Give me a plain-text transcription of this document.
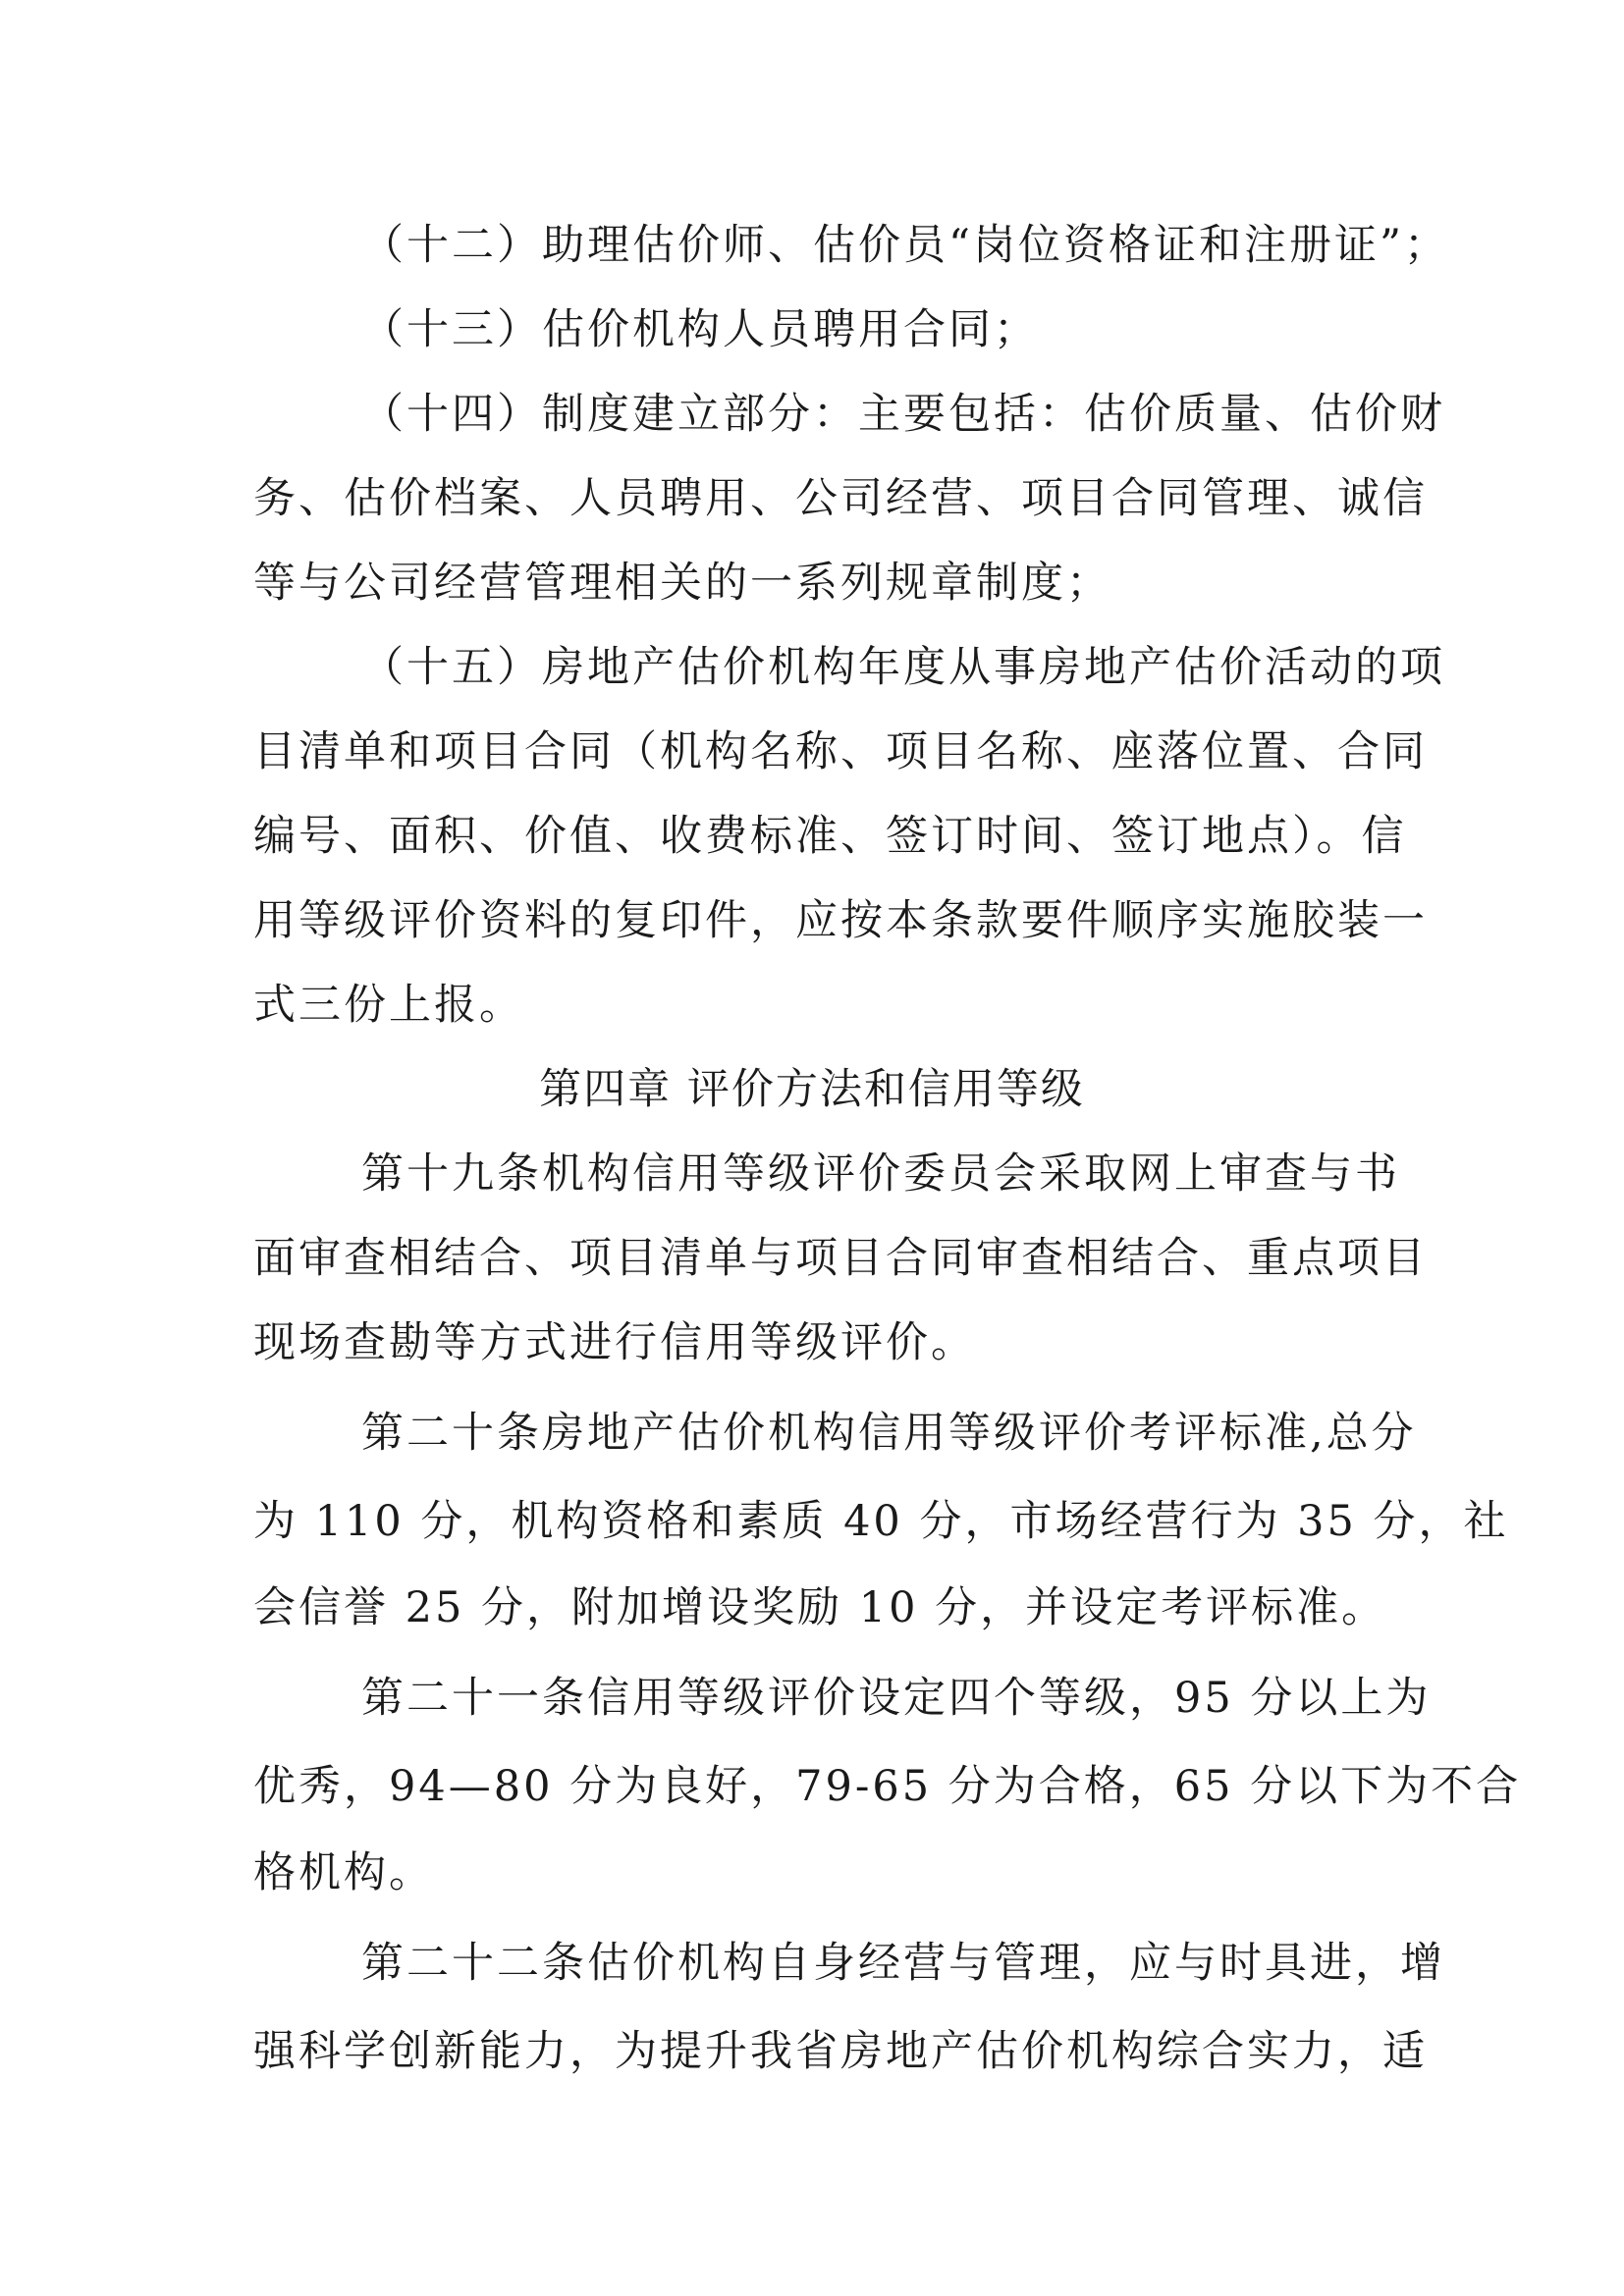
（十二）助理估价师、估价员“岗位资格证和注册证”；
（十三）估价机构人员聘用合同；
（十四）制度建立部分：主要包括：估价质量、估价财
务、估价档案、人员聘用、公司经营、项目合同管理、诚信
等与公司经营管理相关的一系列规章制度；
（十五）房地产估价机构年度从事房地产估价活动的项
目清单和项目合同（机构名称、项目名称、座落位置、合同
编号、面积、价值、收费标准、签订时间、签订地点）。信
用等级评价资料的复印件，应按本条款要件顺序实施胶装一
式三份上报。
第四章 评价方法和信用等级
第十九条机构信用等级评价委员会采取网上审查与书
面审查相结合、项目清单与项目合同审查相结合、重点项目
现场查勘等方式进行信用等级评价。
第二十条房地产估价机构信用等级评价考评标准,总分
为 110 分，机构资格和素质 40 分，市场经营行为 35 分，社
会信誉 25 分，附加增设奖励 10 分，并设定考评标准。
第二十一条信用等级评价设定四个等级，95 分以上为
优秀，94—80 分为良好，79-65 分为合格，65 分以下为不合
格机构。
第二十二条估价机构自身经营与管理，应与时具进，增
强科学创新能力，为提升我省房地产估价机构综合实力，适
